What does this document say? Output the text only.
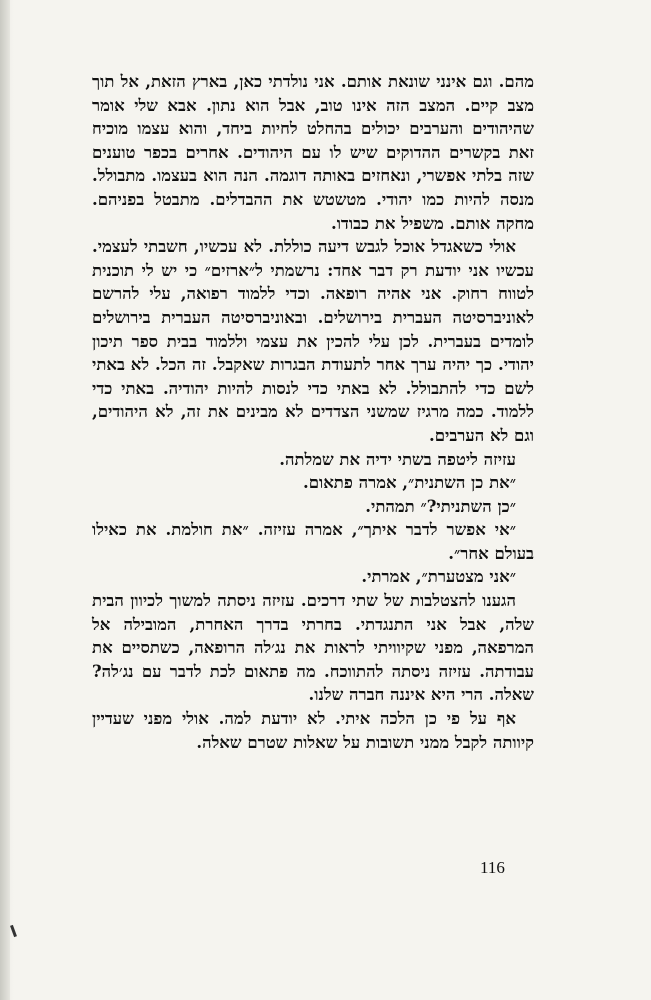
מהם. וגם אינני שונאת אותם. אני נולדתי כאן, בארץ הזאת, אל תוך מצב קיים. המצב הזה אינו טוב, אבל הוא נתון. אבא שלי אומר שהיהודים והערבים יכולים בהחלט לחיות ביחד, והוא עצמו מוכיח זאת בקשרים ההדוקים שיש לו עם היהודים. אחרים בכפר טוענים שזה בלתי אפשרי, ונאחזים באותה דוגמה. הנה הוא בעצמו. מתבולל. מנסה להיות כמו יהודי. מטשטש את ההבדלים. מתבטל בפניהם. מחקה אותם. משפיל את כבודו.

אולי כשאגדל אוכל לגבש דיעה כוללת. לא עכשיו, חשבתי לעצמי. עכשיו אני יודעת רק דבר אחד: נרשמתי ל״ארזים״ כי יש לי תוכנית לטווח רחוק. אני אהיה רופאה. וכדי ללמוד רפואה, עלי להרשם לאוניברסיטה העברית בירושלים. ובאוניברסיטה העברית בירושלים לומדים בעברית. לכן עלי להכין את עצמי וללמוד בבית ספר תיכון יהודי. כך יהיה ערך אחר לתעודת הבגרות שאקבל. זה הכל. לא באתי לשם כדי להתבולל. לא באתי כדי לנסות להיות יהודיה. באתי כדי ללמוד. כמה מרגיז שמשני הצדדים לא מבינים את זה, לא היהודים, וגם לא הערבים.

עזיזה ליטפה בשתי ידיה את שמלתה.

״את כן השתנית״, אמרה פתאום.

״כן השתניתי?״ תמהתי.

״אי אפשר לדבר איתך״, אמרה עזיזה. ״את חולמת. את כאילו בעולם אחר״.

״אני מצטערת״, אמרתי.

הגענו להצטלבות של שתי דרכים. עזיזה ניסתה למשוך לכיוון הבית שלה, אבל אני התנגדתי. בחרתי בדרך האחרת, המובילה אל המרפאה, מפני שקיוויתי לראות את נג׳לה הרופאה, כשתסיים את עבודתה. עזיזה ניסתה להתווכח. מה פתאום לכת לדבר עם נג׳לה? שאלה. הרי היא איננה חברה שלנו.

אף על פי כן הלכה איתי. לא יודעת למה. אולי מפני שעדיין קיוותה לקבל ממני תשובות על שאלות שטרם שאלה.

116
